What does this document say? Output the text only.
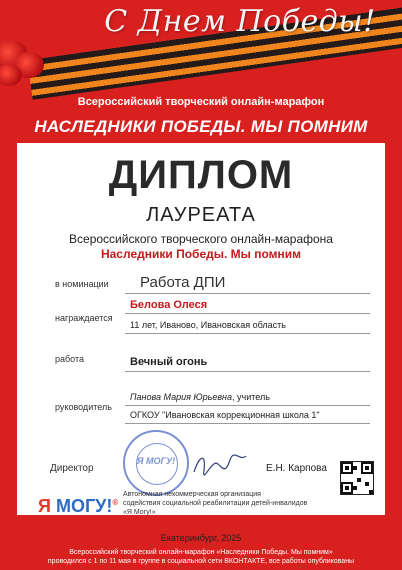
С Днем Победы!
Всероссийский творческий онлайн-марафон
НАСЛЕДНИКИ ПОБЕДЫ. МЫ ПОМНИМ
ДИПЛОМ
ЛАУРЕАТА
Всероссийского творческого онлайн-марафона
Наследники Победы. Мы помним
в номинации Работа ДПИ
награждается
Белова Олеся
11 лет, Иваново, Ивановская область
работа	Вечный огонь
руководитель
Панова Мария Юрьевна, учитель
ОГКОУ "Ивановская коррекционная школа 1"
Директор
Я МОГУ!
Е.Н. Карпова
Я МОГУ!®
Автономная некоммерческая организация
содействия социальной реабилитации детей-инвалидов
«Я Могу!»
Екатеринбург, 2025
Всероссийский творческий онлайн-марафон «Наследники Победы. Мы помним»
проводился с 1 по 11 мая в группе в социальной сети ВКОНТАКТЕ, все работы опубликованы
